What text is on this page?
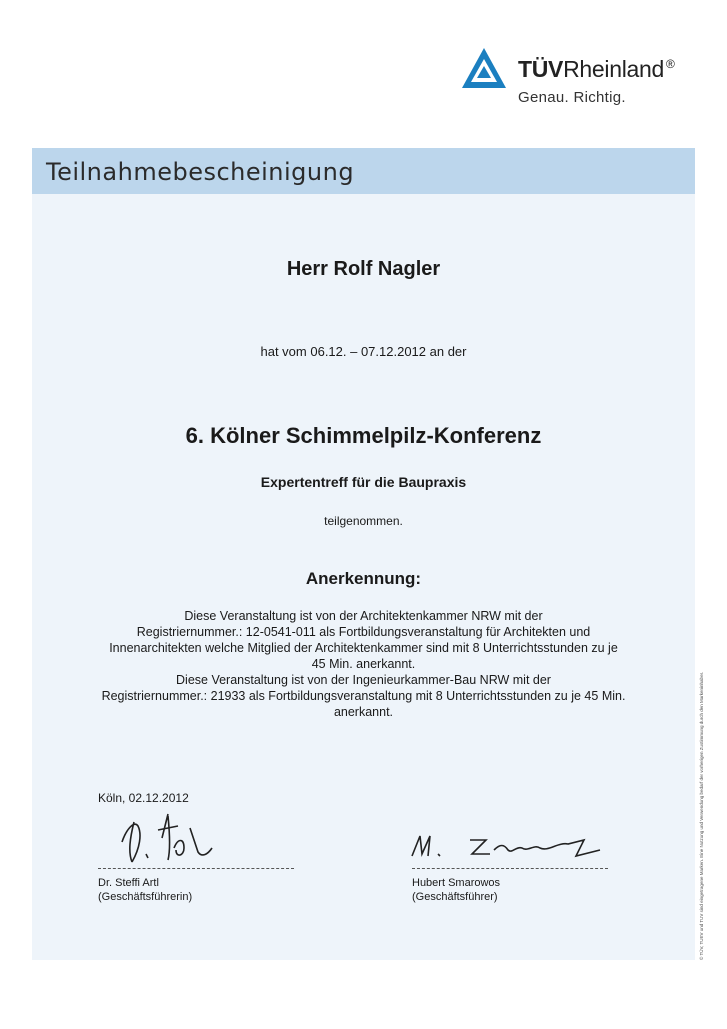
TÜVRheinland ®
Genau. Richtig.
Teilnahmebescheinigung
Herr Rolf Nagler
hat vom 06.12. – 07.12.2012 an der
6. Kölner Schimmelpilz-Konferenz
Expertentreff für die Baupraxis
teilgenommen.
Anerkennung:
Diese Veranstaltung ist von der Architektenkammer NRW mit der
Registriernummer.: 12-0541-011 als Fortbildungsveranstaltung für Architekten und
Innenarchitekten welche Mitglied der Architektenkammer sind mit 8 Unterrichtsstunden zu je
45 Min. anerkannt.
Diese Veranstaltung ist von der Ingenieurkammer-Bau NRW mit der
Registriernummer.: 21933 als Fortbildungsveranstaltung mit 8 Unterrichtsstunden zu je 45 Min.
anerkannt.
Köln, 02.12.2012
Dr. Steffi Artl
(Geschäftsführerin)
Hubert Smarowos
(Geschäftsführer)	© TÜV, TUEV und TUV sind eingetragene Marken. Eine Nutzung und Verwendung bedarf der vorherigen Zustimmung durch den Markeninhaber.
